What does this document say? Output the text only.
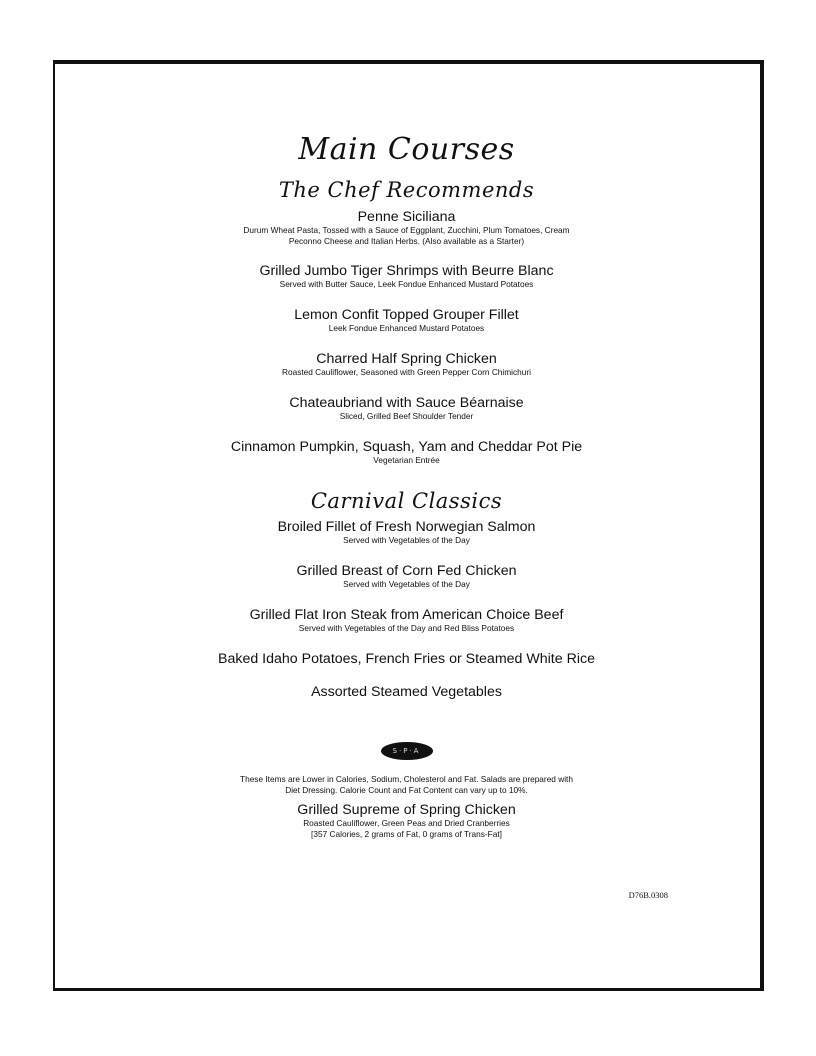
Main Courses
The Chef Recommends
Penne Siciliana
Durum Wheat Pasta, Tossed with a Sauce of Eggplant, Zucchini, Plum Tomatoes, Cream
Peconno Cheese and Italian Herbs. (Also available as a Starter)
Grilled Jumbo Tiger Shrimps with Beurre Blanc
Served with Butter Sauce, Leek Fondue Enhanced Mustard Potatoes
Lemon Confit Topped Grouper Fillet
Leek Fondue Enhanced Mustard Potatoes
Charred Half Spring Chicken
Roasted Cauliflower, Seasoned with Green Pepper Corn Chimichuri
Chateaubriand with Sauce Béarnaise
Sliced, Grilled Beef Shoulder Tender
Cinnamon Pumpkin, Squash, Yam and Cheddar Pot Pie
Vegetarian Entrée
Carnival Classics
Broiled Fillet of Fresh Norwegian Salmon
Served with Vegetables of the Day
Grilled Breast of Corn Fed Chicken
Served with Vegetables of the Day
Grilled Flat Iron Steak from American Choice Beef
Served with Vegetables of the Day and Red Bliss Potatoes
Baked Idaho Potatoes, French Fries or Steamed White Rice
Assorted Steamed Vegetables
S·P·A
These Items are Lower in Calories, Sodium, Cholesterol and Fat. Salads are prepared with
Diet Dressing. Calorie Count and Fat Content can vary up to 10%.
Grilled Supreme of Spring Chicken
Roasted Cauliflower, Green Peas and Dried Cranberries
[357 Calories, 2 grams of Fat, 0 grams of Trans-Fat]
D76B.0308
